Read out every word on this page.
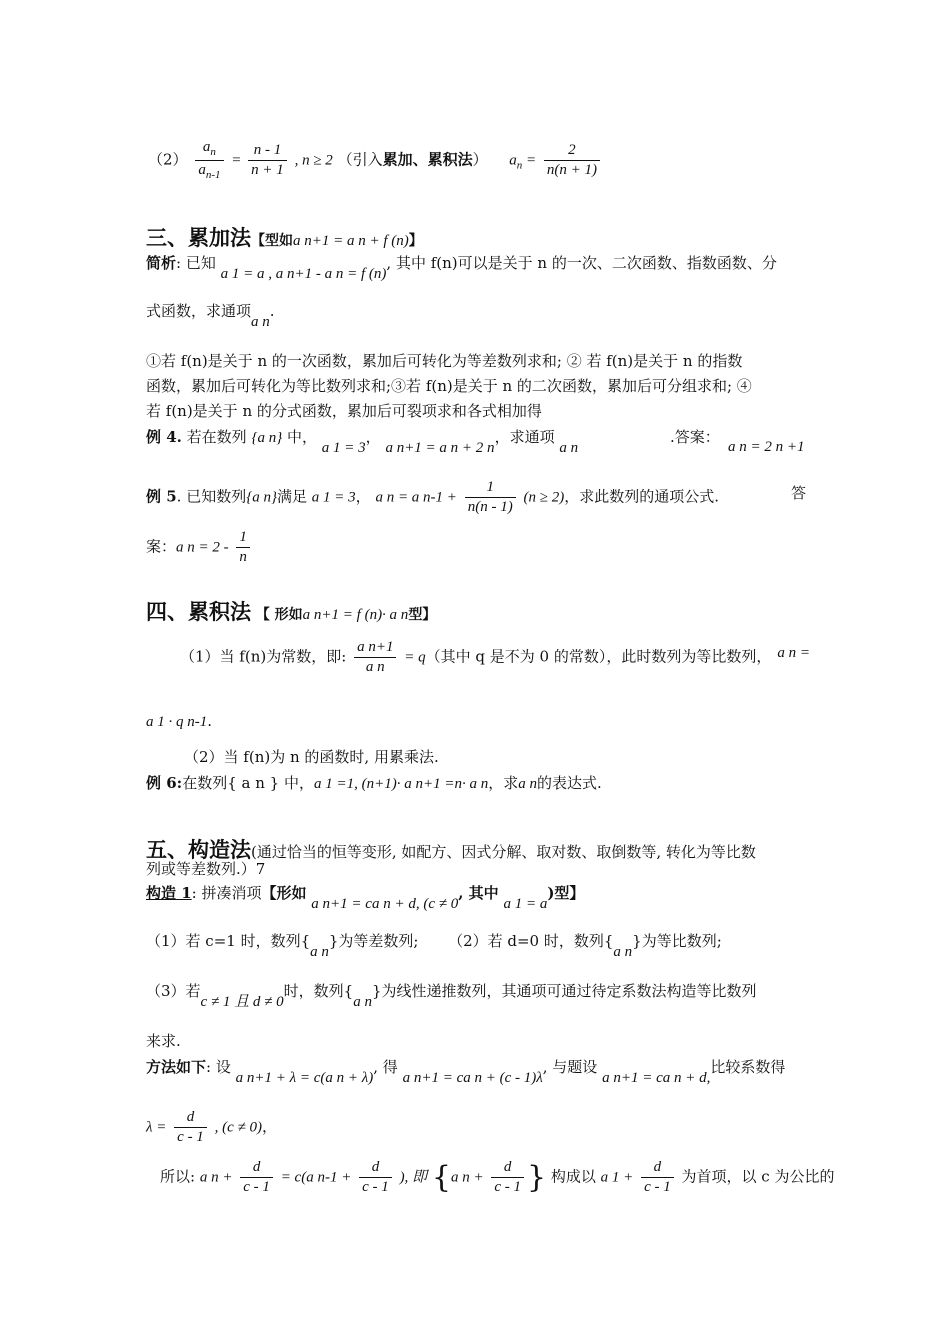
$(2) \frac{a_n}{a_{n-1}} = \frac{n - 1}{n + 1}$ , n ≥ 2 （引入累加、累积法） $a_n = \frac{2}{n(n + 1)}$
三、累加法【型如a n+1 = a n + f (n)】
简析: 已知 a 1 = a , a n+1 - a n = f (n), 其中 f(n)可以是关于 n 的一次、二次函数、指数函数、分
式函数，求通项a n.
①若 f(n)是关于 n 的一次函数，累加后可转化为等差数列求和; ② 若 f(n)是关于 n 的指数
函数，累加后可转化为等比数列求和;③若 f(n)是关于 n 的二次函数，累加后可分组求和; ④
若 f(n)是关于 n 的分式函数，累加后可裂项求和各式相加得
例 4. 若在数列 {a n} 中， a 1 = 3， a n+1 = a n + 2 n，求通项 a n
.答案：
a n = 2 n +1
例 5. 已知数列{a n}满足 a 1 = 3， a n = a $n-1 + \frac{1}{n(n - 1)} (n \ge 2)$，求此数列的通项公式.	答
案：a $n = 2 - \frac{1}{n}$
四、累积法 【 形如a n+1 = f (n)· a n型】
（1）当 f(n)为常数，即: $\frac{\text{a n+1}}{\text{a n}} = q$（其中 q 是不为 0 的常数），此时数列为等比数列， a n =
a 1 · q n-1.
（2）当 f(n)为 n 的函数时, 用累乘法.
例 6:在数列{ a n } 中，a 1 =1, (n+1)· a n+1 =n· a n，求a n的表达式.
五、构造法(通过恰当的恒等变形, 如配方、因式分解、取对数、取倒数等, 转化为等比数
列或等差数列.）7
构造 1: 拼凑消项【形如 a n+1 = ca n + d, (c ≠ 0, 其中 a 1 = a)型】
（1）若 c=1 时，数列{a n}为等差数列; （2）若 d=0 时，数列{a n}为等比数列;
（3）若c ≠ 1 且 d ≠ 0时，数列{a n}为线性递推数列，其通项可通过待定系数法构造等比数列
来求.
方法如下: 设 a n+1 + λ = c(a n + λ), 得 a n+1 = ca n + (c - 1)λ, 与题设 a n+1 = ca n + d,比较系数得
$\lambda = \frac{d}{c - 1}$ , (c ≠ 0)，
所以: a $n + \frac{d}{c - 1} = c(a$ $n-1 + \frac{d}{c - 1}$ ), 即 {a $n + \frac{d}{c - 1}$ } 构成以 a $1 + \frac{d}{c - 1}$ 为首项，以 c 为公比的
